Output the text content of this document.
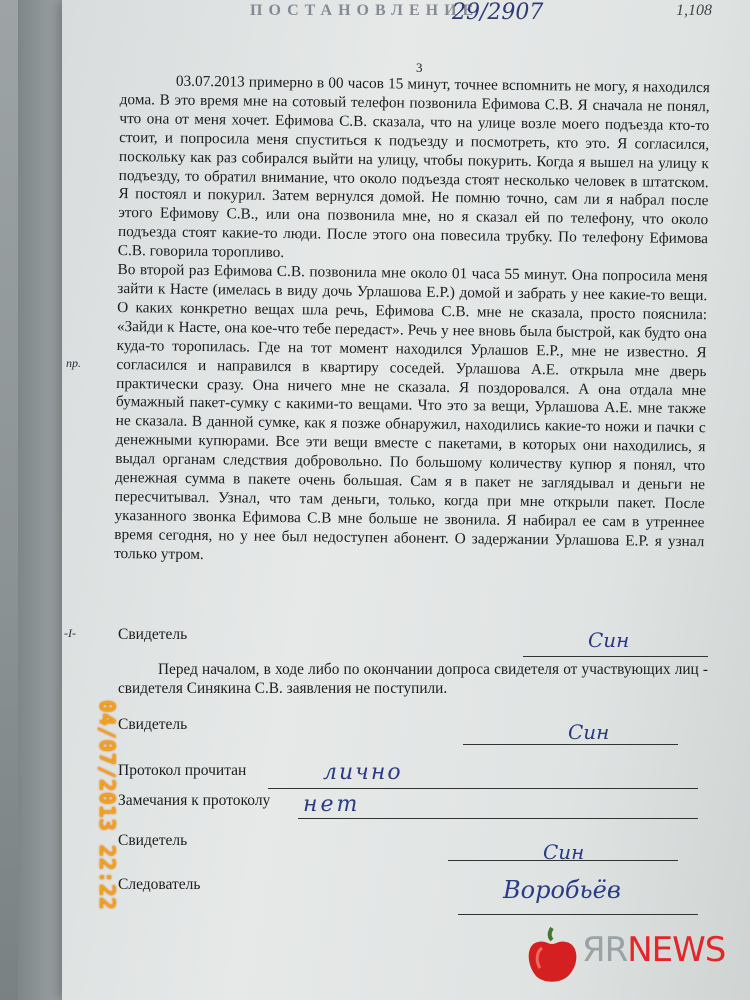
ПОСТАНОВЛЕНИЕ
29/2907	1,108
3

03.07.2013 примерно в 00 часов 15 минут, точнее вспомнить не могу, я находился дома. В это время мне на сотовый телефон позвонила Ефимова С.В. Я сначала не понял, что она от меня хочет. Ефимова С.В. сказала, что на улице возле моего подъезда кто-то стоит, и попросила меня спуститься к подъезду и посмотреть, кто это. Я согласился, поскольку как раз собирался выйти на улицу, чтобы покурить. Когда я вышел на улицу к подъезду, то обратил внимание, что около подъезда стоят несколько человек в штатском. Я постоял и покурил. Затем вернулся домой. Не помню точно, сам ли я набрал после этого Ефимову С.В., или она позвонила мне, но я сказал ей по телефону, что около подъезда стоят какие-то люди. После этого она повесила трубку. По телефону Ефимова С.В. говорила торопливо.

Во второй раз Ефимова С.В. позвонила мне около 01 часа 55 минут. Она попросила меня зайти к Насте (имелась в виду дочь Урлашова Е.Р.) домой и забрать у нее какие-то вещи. О каких конкретно вещах шла речь, Ефимова С.В. мне не сказала, просто пояснила: «Зайди к Насте, она кое-что тебе передаст». Речь у нее вновь была быстрой, как будто она куда-то торопилась. Где на тот момент находился Урлашов Е.Р., мне не известно. Я согласился и направился в квартиру соседей. Урлашова А.Е. открыла мне дверь практически сразу. Она ничего мне не сказала. Я поздоровался. А она отдала мне бумажный пакет-сумку с какими-то вещами. Что это за вещи, Урлашова А.Е. мне также не сказала. В данной сумке, как я позже обнаружил, находились какие-то ножи и пачки с денежными купюрами. Все эти вещи вместе с пакетами, в которых они находились, я выдал органам следствия добровольно. По большому количеству купюр я понял, что денежная сумма в пакете очень большая. Сам я в пакет не заглядывал и деньги не пересчитывал. Узнал, что там деньги, только, когда при мне открыли пакет. После указанного звонка Ефимова С.В мне больше не звонила. Я набирал ее сам в утреннее время сегодня, но у нее был недоступен абонент. О задержании Урлашова Е.Р. я узнал только утром.

пр.
-I-	Свидетель	Син
Перед началом, в ходе либо по окончании допроса свидетеля от участвующих лиц - свидетеля Синякина С.В. заявления не поступили.
Свидетель	Син
Протокол прочитан	лично
Замечания к протоколу нет
Свидетель	Син
Следователь	Воробьёв
04/07/2013 22:22
ЯRNEWS
